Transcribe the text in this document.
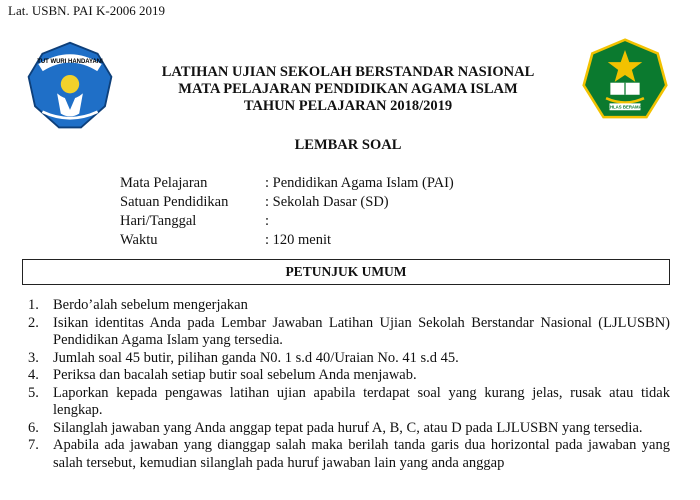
Lat. USBN. PAI K-2006 2019
TUT WURI HANDAYANI
IKHLAS BERAMAL
LATIHAN UJIAN SEKOLAH BERSTANDAR NASIONAL
MATA PELAJARAN PENDIDIKAN AGAMA ISLAM
TAHUN PELAJARAN 2018/2019
LEMBAR SOAL
Mata Pelajaran	: Pendidikan Agama Islam (PAI)
Satuan Pendidikan	: Sekolah Dasar (SD)
Hari/Tanggal	:
Waktu	: 120 menit
PETUNJUK UMUM
1. Berdo’alah sebelum mengerjakan
2. Isikan identitas Anda pada Lembar Jawaban Latihan Ujian Sekolah Berstandar Nasional (LJLUSBN) Pendidikan Agama Islam yang tersedia.
3. Jumlah soal 45 butir, pilihan ganda N0. 1 s.d 40/Uraian No. 41 s.d 45.
4. Periksa dan bacalah setiap butir soal sebelum Anda menjawab.
5. Laporkan kepada pengawas latihan ujian apabila terdapat soal yang kurang jelas, rusak atau tidak lengkap.
6. Silanglah jawaban yang Anda anggap tepat pada huruf A, B, C, atau D pada LJLUSBN yang tersedia.
7. Apabila ada jawaban yang dianggap salah maka berilah tanda garis dua horizontal pada jawaban yang salah tersebut, kemudian silanglah pada huruf jawaban lain yang anda anggap
